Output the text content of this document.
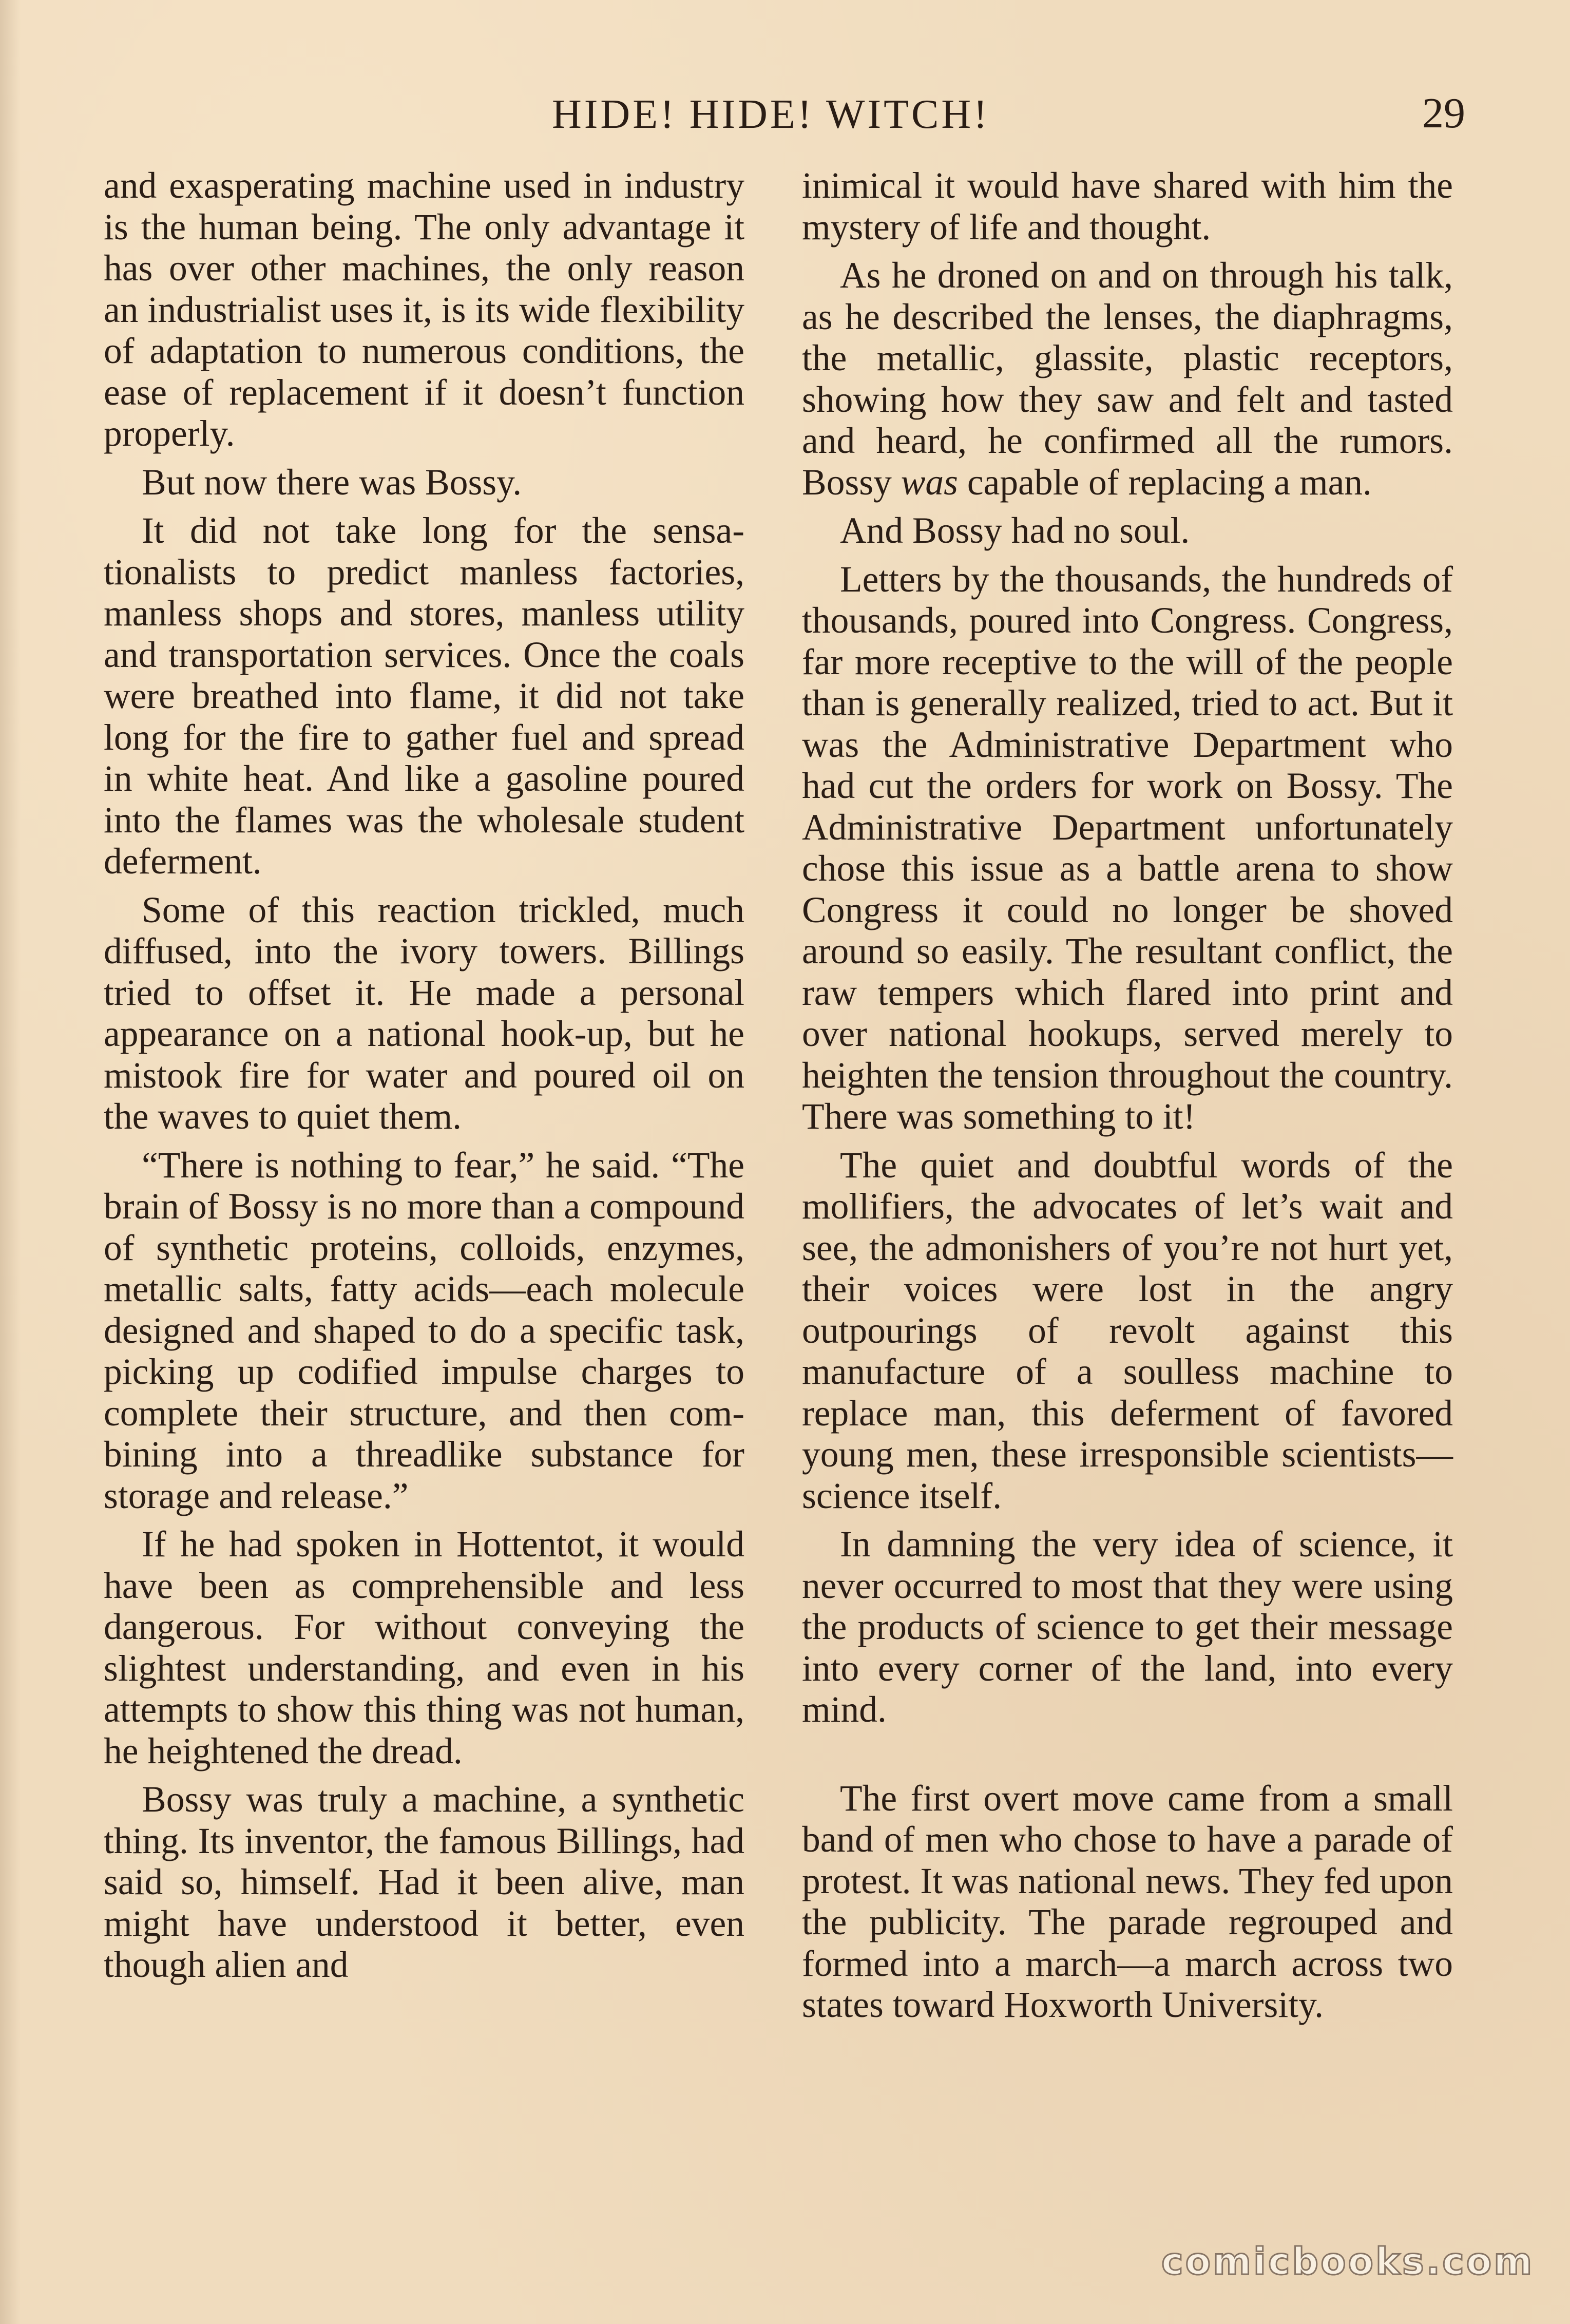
HIDE! HIDE! WITCH!	29

and exasperating machine used in industry is the human being. The only advantage it has over other machines, the only reason an industrialist uses it, is its wide flexibility of adaptation to numerous conditions, the ease of replacement if it doesn’t function properly.

But now there was Bossy.

It did not take long for the sensationalists to predict manless factories, manless shops and stores, manless utility and transportation services. Once the coals were breathed into flame, it did not take long for the fire to gather fuel and spread in white heat. And like a gasoline poured into the flames was the wholesale student deferment.

Some of this reaction trickled, much diffused, into the ivory towers. Billings tried to offset it. He made a personal appearance on a national hook-up, but he mistook fire for water and poured oil on the waves to quiet them.

“There is nothing to fear,” he said. “The brain of Bossy is no more than a compound of synthetic proteins, colloids, enzymes, metallic salts, fatty acids—each molecule designed and shaped to do a specific task, picking up codified impulse charges to complete their structure, and then combining into a threadlike substance for storage and release.”

If he had spoken in Hottentot, it would have been as comprehensible and less dangerous. For without conveying the slightest understanding, and even in his attempts to show this thing was not human, he heightened the dread.

Bossy was truly a machine, a synthetic thing. Its inventor, the famous Billings, had said so, himself. Had it been alive, man might have understood it better, even though alien and

inimical it would have shared with him the mystery of life and thought.

As he droned on and on through his talk, as he described the lenses, the diaphragms, the metallic, glassite, plastic receptors, showing how they saw and felt and tasted and heard, he confirmed all the rumors. Bossy was capable of replacing a man.

And Bossy had no soul.

Letters by the thousands, the hundreds of thousands, poured into Congress. Congress, far more receptive to the will of the people than is generally realized, tried to act. But it was the Administrative Department who had cut the orders for work on Bossy. The Administrative Department unfortunately chose this issue as a battle arena to show Congress it could no longer be shoved around so easily. The resultant conflict, the raw tempers which flared into print and over national hookups, served merely to heighten the tension throughout the country. There was something to it!

The quiet and doubtful words of the mollifiers, the advocates of let’s wait and see, the admonishers of you’re not hurt yet, their voices were lost in the angry outpourings of revolt against this manufacture of a soulless machine to replace man, this deferment of favored young men, these irresponsible scientists—science itself.

In damning the very idea of science, it never occurred to most that they were using the products of science to get their message into every corner of the land, into every mind.

The first overt move came from a small band of men who chose to have a parade of protest. It was national news. They fed upon the publicity. The parade regrouped and formed into a march—a march across two states toward Hoxworth University.

comicbooks.com
